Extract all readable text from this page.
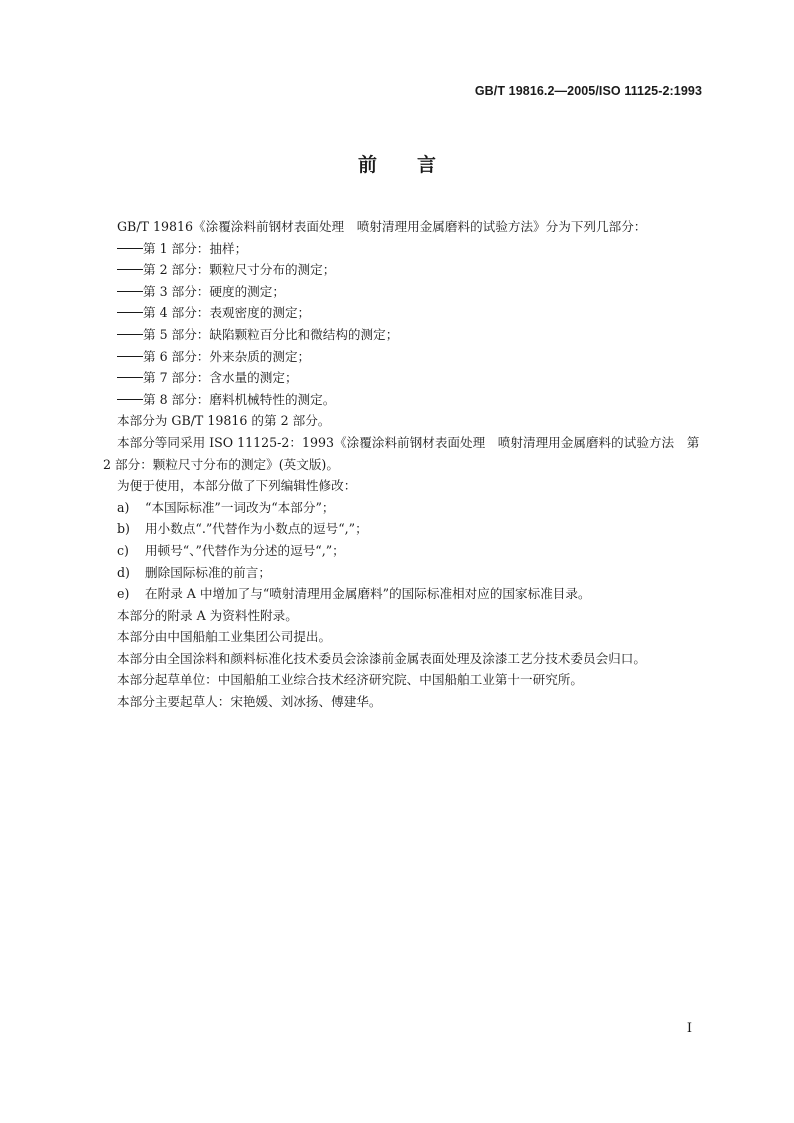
GB/T 19816.2—2005/ISO 11125-2:1993
前言

GB/T 19816《涂覆涂料前钢材表面处理　喷射清理用金属磨料的试验方法》分为下列几部分：

第 1 部分：抽样；

第 2 部分：颗粒尺寸分布的测定；

第 3 部分：硬度的测定；

第 4 部分：表观密度的测定；

第 5 部分：缺陷颗粒百分比和微结构的测定；

第 6 部分：外来杂质的测定；

第 7 部分：含水量的测定；

第 8 部分：磨料机械特性的测定。

本部分为 GB/T 19816 的第 2 部分。

本部分等同采用 ISO 11125-2：1993《涂覆涂料前钢材表面处理　喷射清理用金属磨料的试验方法　第 2 部分：颗粒尺寸分布的测定》(英文版)。

为便于使用，本部分做了下列编辑性修改：

a) “本国际标准”一词改为“本部分”；

b) 用小数点“.”代替作为小数点的逗号“,”；

c) 用顿号“、”代替作为分述的逗号“,”；

d) 删除国际标准的前言；

e) 在附录 A 中增加了与“喷射清理用金属磨料”的国际标准相对应的国家标准目录。

本部分的附录 A 为资料性附录。

本部分由中国船舶工业集团公司提出。

本部分由全国涂料和颜料标准化技术委员会涂漆前金属表面处理及涂漆工艺分技术委员会归口。

本部分起草单位：中国船舶工业综合技术经济研究院、中国船舶工业第十一研究所。

本部分主要起草人：宋艳媛、刘冰扬、傅建华。

I
